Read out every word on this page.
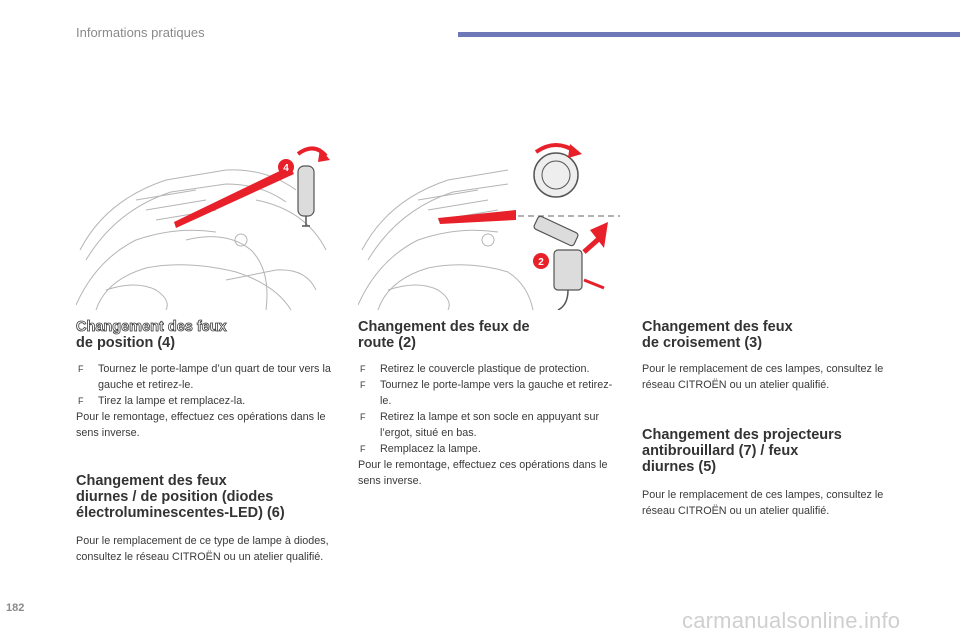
Informations pratiques
4
2
Changement des feux
de position (4)
F Tournez le porte-lampe d’un quart de tour vers la gauche et retirez-le.
F Tirez la lampe et remplacez-la.

Pour le remontage, effectuez ces opérations dans le sens inverse.

Changement des feux
diurnes / de position (diodes
électroluminescentes-LED) (6)

Pour le remplacement de ce type de lampe à diodes, consultez le réseau CITROËN ou un atelier qualifié.

Changement des feux de
route (2)
F Retirez le couvercle plastique de protection.
F Tournez le porte-lampe vers la gauche et retirez-le.
F Retirez la lampe et son socle en appuyant sur l’ergot, situé en bas.
F Remplacez la lampe.

Pour le remontage, effectuez ces opérations dans le sens inverse.

Changement des feux
de croisement (3)

Pour le remplacement de ces lampes, consultez le réseau CITROËN ou un atelier qualifié.

Changement des projecteurs
antibrouillard (7) / feux
diurnes (5)

Pour le remplacement de ces lampes, consultez le réseau CITROËN ou un atelier qualifié.

182	carmanualsonline.info
